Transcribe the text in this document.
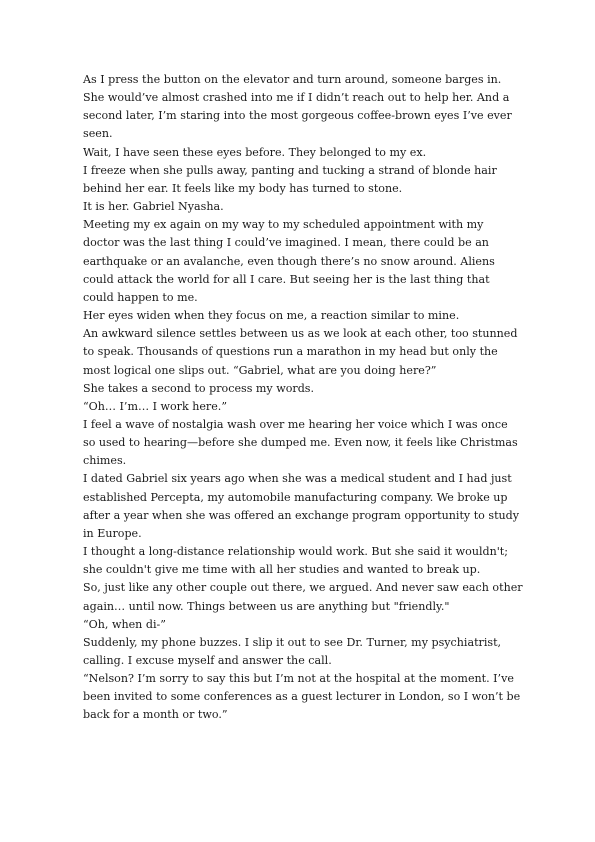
As I press the button on the elevator and turn around, someone barges in. She would’ve almost crashed into me if I didn’t reach out to help her. And a second later, I’m staring into the most gorgeous coffee-brown eyes I’ve ever seen.

Wait, I have seen these eyes before. They belonged to my ex.

I freeze when she pulls away, panting and tucking a strand of blonde hair behind her ear. It feels like my body has turned to stone.

It is her. Gabriel Nyasha.

Meeting my ex again on my way to my scheduled appointment with my doctor was the last thing I could’ve imagined. I mean, there could be an earthquake or an avalanche, even though there’s no snow around. Aliens could attack the world for all I care. But seeing her is the last thing that could happen to me.

Her eyes widen when they focus on me, a reaction similar to mine.

An awkward silence settles between us as we look at each other, too stunned to speak. Thousands of questions run a marathon in my head but only the most logical one slips out. “Gabriel, what are you doing here?”

She takes a second to process my words.

“Oh… I’m… I work here.”

I feel a wave of nostalgia wash over me hearing her voice which I was once so used to hearing—before she dumped me. Even now, it feels like Christmas chimes.

I dated Gabriel six years ago when she was a medical student and I had just established Percepta, my automobile manufacturing company. We broke up after a year when she was offered an exchange program opportunity to study in Europe.

I thought a long-distance relationship would work. But she said it wouldn't; she couldn't give me time with all her studies and wanted to break up.

So, just like any other couple out there, we argued. And never saw each other again… until now. Things between us are anything but "friendly."

“Oh, when di-”

Suddenly, my phone buzzes. I slip it out to see Dr. Turner, my psychiatrist, calling. I excuse myself and answer the call.

“Nelson? I’m sorry to say this but I’m not at the hospital at the moment. I’ve been invited to some conferences as a guest lecturer in London, so I won’t be back for a month or two.”
